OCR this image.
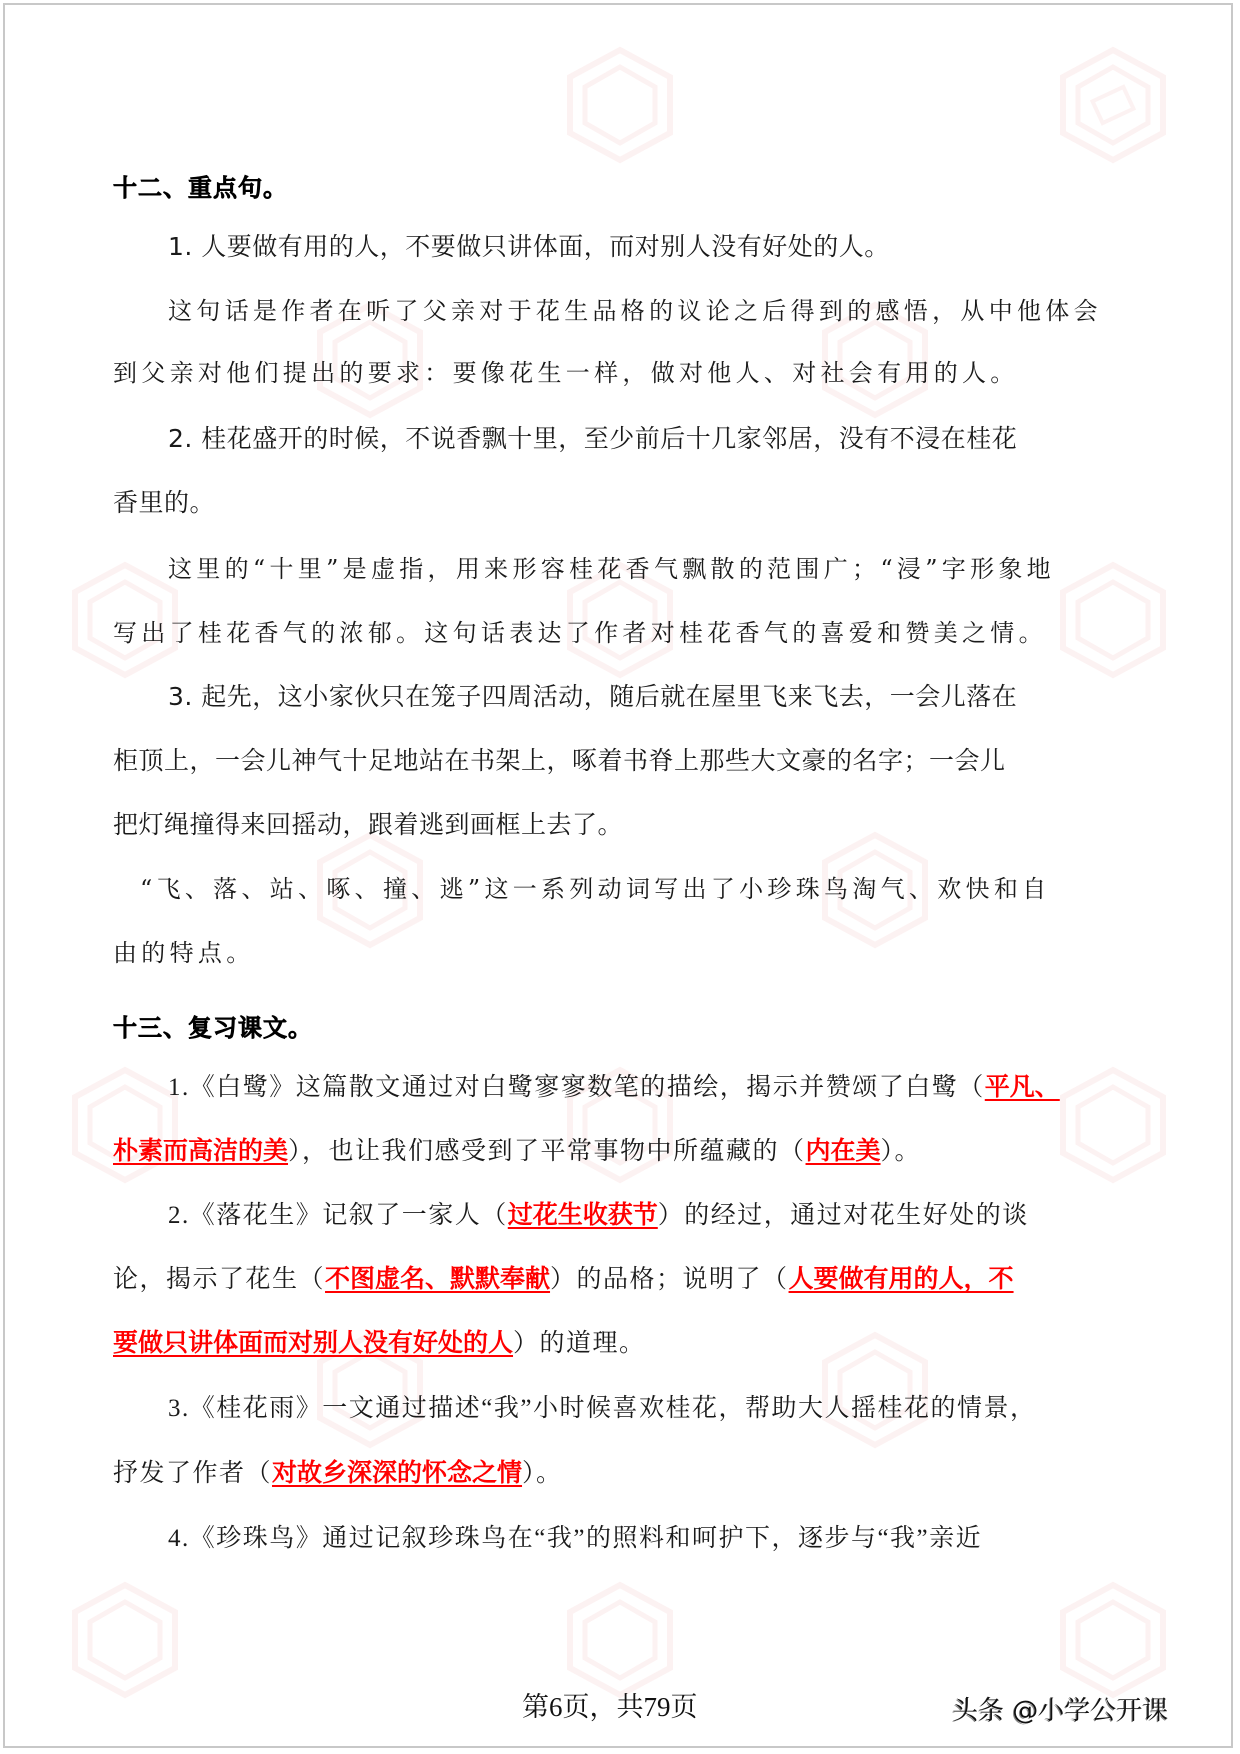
十二、重点句。
1. 人要做有用的人，不要做只讲体面，而对别人没有好处的人。
这句话是作者在听了父亲对于花生品格的议论之后得到的感悟，从中他体会
到父亲对他们提出的要求：要像花生一样，做对他人、对社会有用的人。
2. 桂花盛开的时候，不说香飘十里，至少前后十几家邻居，没有不浸在桂花
香里的。
这里的“十里”是虚指，用来形容桂花香气飘散的范围广；“浸”字形象地
写出了桂花香气的浓郁。这句话表达了作者对桂花香气的喜爱和赞美之情。
3. 起先，这小家伙只在笼子四周活动，随后就在屋里飞来飞去，一会儿落在
柜顶上，一会儿神气十足地站在书架上，啄着书脊上那些大文豪的名字；一会儿
把灯绳撞得来回摇动，跟着逃到画框上去了。
“飞、落、站、啄、撞、逃”这一系列动词写出了小珍珠鸟淘气、欢快和自
由的特点。
十三、复习课文。
1.《白鹭》这篇散文通过对白鹭寥寥数笔的描绘，揭示并赞颂了白鹭（平凡、
朴素而高洁的美），也让我们感受到了平常事物中所蕴藏的（内在美）。
2.《落花生》记叙了一家人（过花生收获节）的经过，通过对花生好处的谈
论，揭示了花生（不图虚名、默默奉献）的品格；说明了（人要做有用的人，不
要做只讲体面而对别人没有好处的人）的道理。
3.《桂花雨》一文通过描述“我”小时候喜欢桂花，帮助大人摇桂花的情景，
抒发了作者（对故乡深深的怀念之情）。
4.《珍珠鸟》通过记叙珍珠鸟在“我”的照料和呵护下，逐步与“我”亲近
第6页，共79页	头条 @小学公开课
